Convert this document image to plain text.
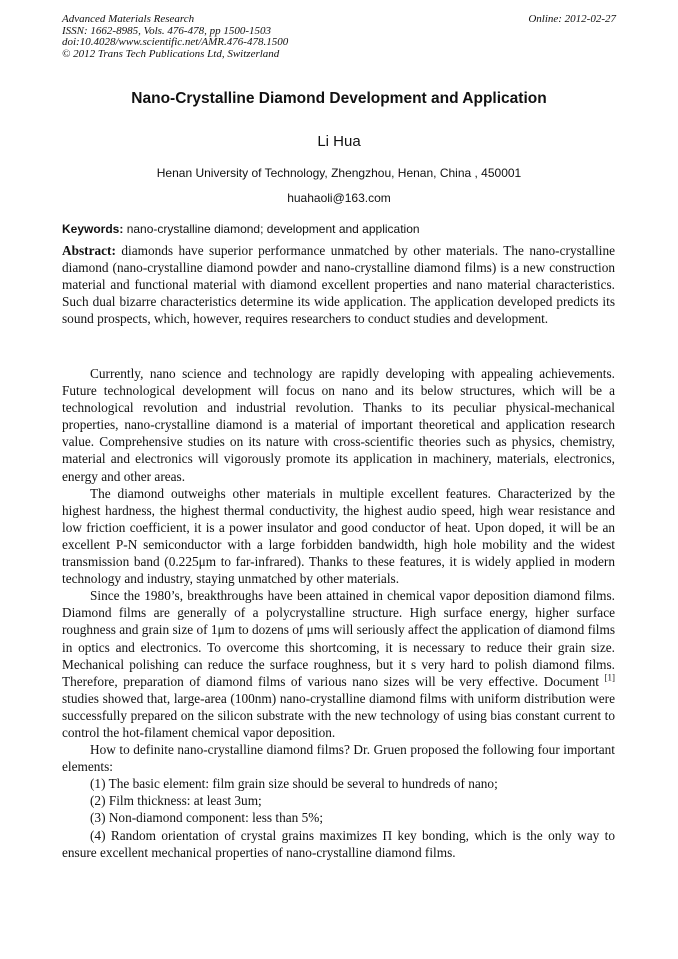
Advanced Materials Research
ISSN: 1662-8985, Vols. 476-478, pp 1500-1503
doi:10.4028/www.scientific.net/AMR.476-478.1500
© 2012 Trans Tech Publications Ltd, Switzerland
Online: 2012-02-27
Nano-Crystalline Diamond Development and Application
Li Hua
Henan University of Technology, Zhengzhou, Henan, China , 450001
huahaoli@163.com
Keywords: nano-crystalline diamond; development and application
Abstract: diamonds have superior performance unmatched by other materials. The nano-crystalline diamond (nano-crystalline diamond powder and nano-crystalline diamond films) is a new construction material and functional material with diamond excellent properties and nano material characteristics. Such dual bizarre characteristics determine its wide application. The application developed predicts its sound prospects, which, however, requires researchers to conduct studies and development.

Currently, nano science and technology are rapidly developing with appealing achievements. Future technological development will focus on nano and its below structures, which will be a technological revolution and industrial revolution. Thanks to its peculiar physical-mechanical properties, nano-crystalline diamond is a material of important theoretical and application research value. Comprehensive studies on its nature with cross-scientific theories such as physics, chemistry, material and electronics will vigorously promote its application in machinery, materials, electronics, energy and other areas.

The diamond outweighs other materials in multiple excellent features. Characterized by the highest hardness, the highest thermal conductivity, the highest audio speed, high wear resistance and low friction coefficient, it is a power insulator and good conductor of heat. Upon doped, it will be an excellent P-N semiconductor with a large forbidden bandwidth, high hole mobility and the widest transmission band (0.225μm to far-infrared). Thanks to these features, it is widely applied in modern technology and industry, staying unmatched by other materials.

Since the 1980’s, breakthroughs have been attained in chemical vapor deposition diamond films. Diamond films are generally of a polycrystalline structure. High surface energy, higher surface roughness and grain size of 1μm to dozens of μms will seriously affect the application of diamond films in optics and electronics. To overcome this shortcoming, it is necessary to reduce their grain size. Mechanical polishing can reduce the surface roughness, but it s very hard to polish diamond films. Therefore, preparation of diamond films of various nano sizes will be very effective. Document [1] studies showed that, large-area (100nm) nano-crystalline diamond films with uniform distribution were successfully prepared on the silicon substrate with the new technology of using bias constant current to control the hot-filament chemical vapor deposition.

How to definite nano-crystalline diamond films? Dr. Gruen proposed the following four important elements:

(1) The basic element: film grain size should be several to hundreds of nano;

(2) Film thickness: at least 3um;

(3) Non-diamond component: less than 5%;

(4) Random orientation of crystal grains maximizes Π key bonding, which is the only way to ensure excellent mechanical properties of nano-crystalline diamond films.
